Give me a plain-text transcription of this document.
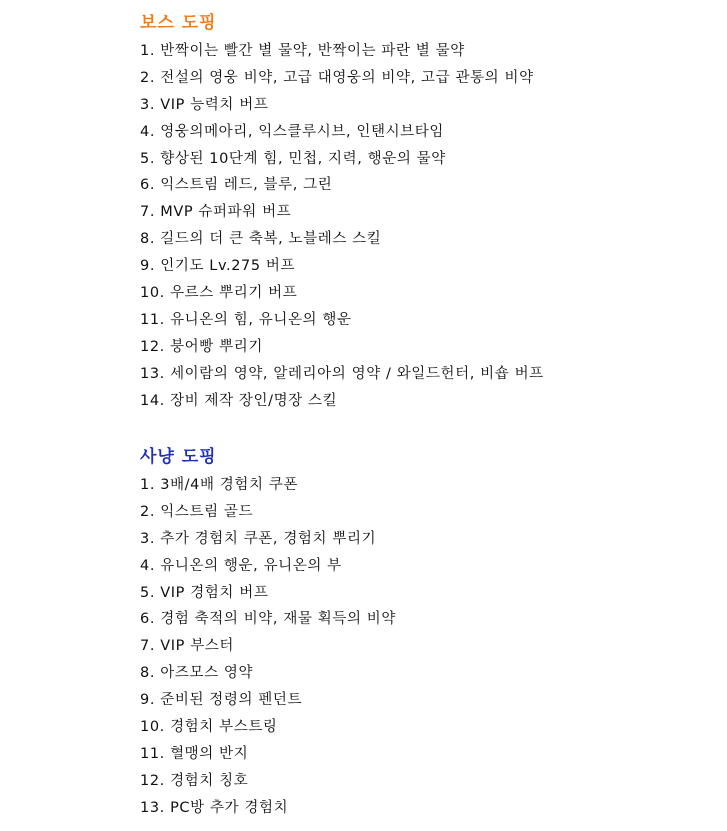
보스 도핑
1. 반짝이는 빨간 별 물약, 반짝이는 파란 별 물약
2. 전설의 영웅 비약, 고급 대영웅의 비약, 고급 관통의 비약
3. VIP 능력치 버프
4. 영웅의메아리, 익스클루시브, 인탠시브타임
5. 향상된 10단계 힘, 민첩, 지력, 행운의 물약
6. 익스트림 레드, 블루, 그린
7. MVP 슈퍼파워 버프
8. 길드의 더 큰 축복, 노블레스 스킬
9. 인기도 Lv.275 버프
10. 우르스 뿌리기 버프
11. 유니온의 힘, 유니온의 행운
12. 붕어빵 뿌리기
13. 세이람의 영약, 알레리아의 영약 / 와일드헌터, 비숍 버프
14. 장비 제작 장인/명장 스킬
사냥 도핑
1. 3배/4배 경험치 쿠폰
2. 익스트림 골드
3. 추가 경험치 쿠폰, 경험치 뿌리기
4. 유니온의 행운, 유니온의 부
5. VIP 경험치 버프
6. 경험 축적의 비약, 재물 획득의 비약
7. VIP 부스터
8. 아즈모스 영약
9. 준비된 정령의 펜던트
10. 경험치 부스트링
11. 혈맹의 반지
12. 경험치 칭호
13. PC방 추가 경험치
